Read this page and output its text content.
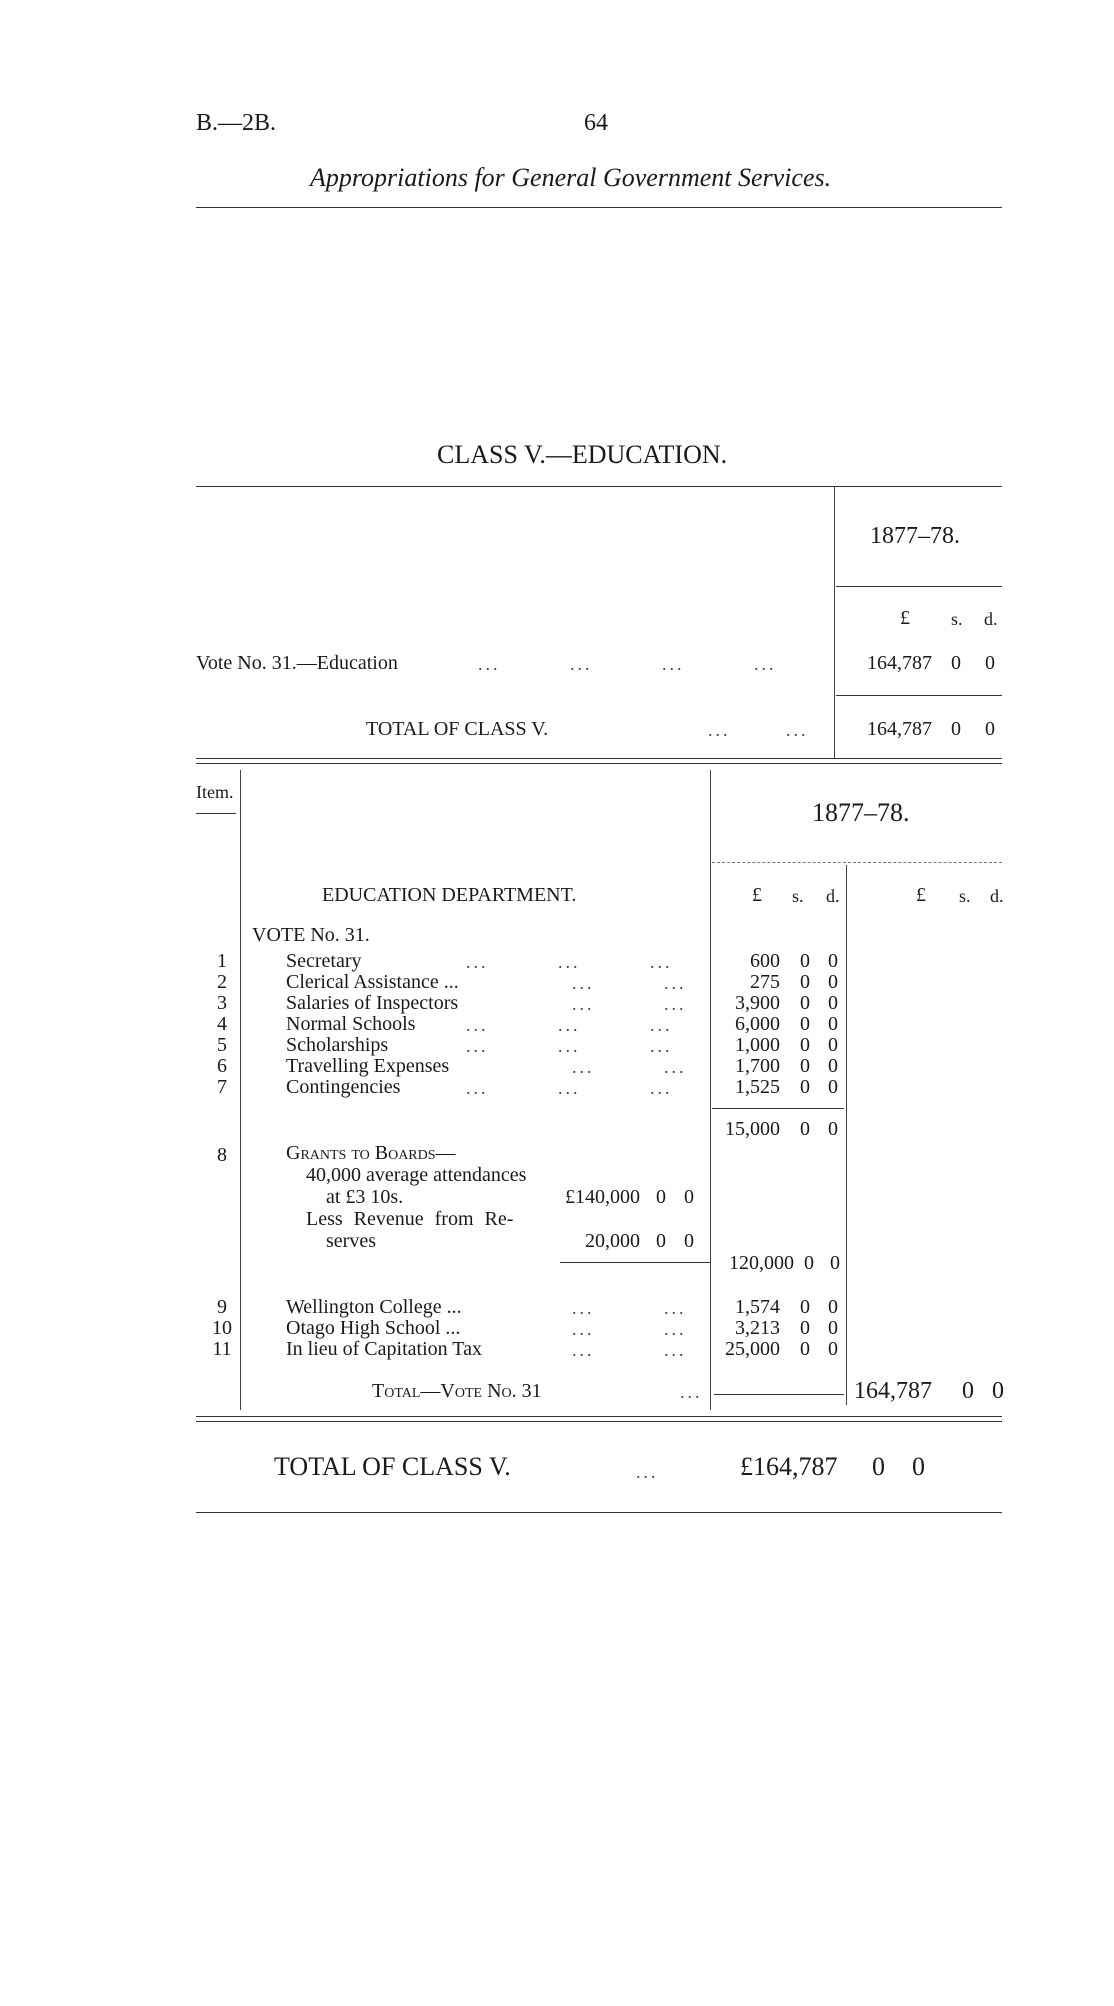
B.—2B.	64
Appropriations for General Government Services.
CLASS V.—EDUCATION.
1877–78.
£ s. d.
Vote No. 31.—Education	... ... ... ...	164,787 0 0
TOTAL OF CLASS V.	... ...	164,787 0 0
Item.
1877–78.
EDUCATION DEPARTMENT.	£ s. d.	£ s. d.
VOTE No. 31.
1	Secretary	... ... ...	600 0 0
2	Clerical Assistance ...	... ...	275 0 0
3	Salaries of Inspectors	... ...	3,900 0 0
4	Normal Schools	... ... ...	6,000 0 0
5	Scholarships	... ... ...	1,000 0 0
6	Travelling Expenses	... ...	1,700 0 0
7	Contingencies	... ... ...	1,525 0 0
15,000 0 0
8	Grants to Boards—
40,000 average attendances
at £3 10s.	£140,000 0 0
Less Revenue from Re-
serves	20,000 0 0
120,000 0 0
9	Wellington College ...	... ...	1,574 0 0
10	Otago High School ...	... ...	3,213 0 0
11	In lieu of Capitation Tax	... ...	25,000 0 0
Total—Vote No. 31	...	164,787 0 0
TOTAL OF CLASS V.	...	£164,787 0 0
